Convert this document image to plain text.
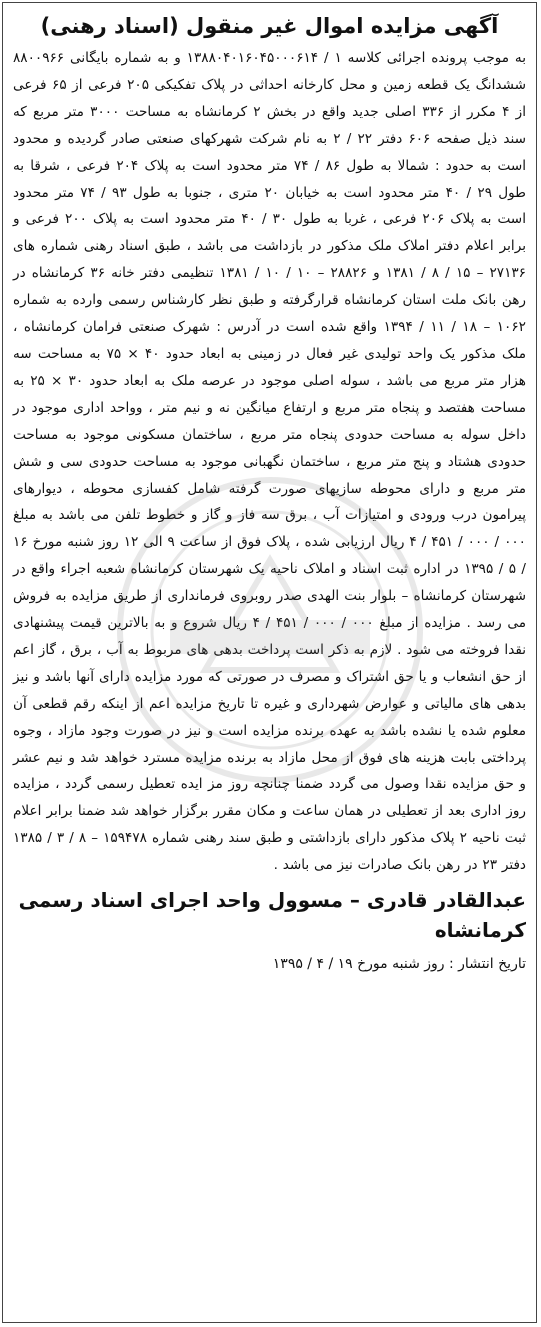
آگهی مزایده اموال غیر منقول (اسناد رهنی)

به موجب پرونده اجرائی کلاسه ۱ / ۱۳۸۸۰۴۰۱۶۰۴۵۰۰۰۶۱۴ و به شماره بایگانی ۸۸۰۰۹۶۶ ششدانگ یک قطعه زمین و محل کارخانه احداثی در پلاک تفکیکی ۲۰۵ فرعی از ۶۵ فرعی از ۴ مکرر از ۳۳۶ اصلی جدید واقع در بخش ۲ کرمانشاه به مساحت ۳۰۰۰ متر مربع که سند ذیل صفحه ۶۰۶ دفتر ۲۲ / ۲ به نام شرکت شهرکهای صنعتی صادر گردیده و محدود است به حدود : شمالا به طول ۸۶ / ۷۴ متر محدود است به پلاک ۲۰۴ فرعی ، شرقا به طول ۲۹ / ۴۰ متر محدود است به خیابان ۲۰ متری ، جنوبا به طول ۹۳ / ۷۴ متر محدود است به پلاک ۲۰۶ فرعی ، غربا به طول ۳۰ / ۴۰ متر محدود است به پلاک ۲۰۰ فرعی و برابر اعلام دفتر املاک ملک مذکور در بازداشت می باشد ، طبق اسناد رهنی شماره های ۲۷۱۳۶ – ۱۵ / ۸ / ۱۳۸۱ و ۲۸۸۲۶ – ۱۰ / ۱۰ / ۱۳۸۱ تنظیمی دفتر خانه ۳۶ کرمانشاه در رهن بانک ملت استان کرمانشاه قرارگرفته و طبق نظر کارشناس رسمی وارده به شماره ۱۰۶۲ – ۱۸ / ۱۱ / ۱۳۹۴ واقع شده است در آدرس : شهرک صنعتی فرامان کرمانشاه ، ملک مذکور یک واحد تولیدی غیر فعال در زمینی به ابعاد حدود ۴۰ × ۷۵ به مساحت سه هزار متر مربع می باشد ، سوله اصلی موجود در عرصه ملک به ابعاد حدود ۳۰ × ۲۵ به مساحت هفتصد و پنجاه متر مربع و ارتفاع میانگین نه و نیم متر ، وواحد اداری موجود در داخل سوله به مساحت حدودی پنجاه متر مربع ، ساختمان مسکونی موجود به مساحت حدودی هشتاد و پنج متر مربع ، ساختمان نگهبانی موجود به مساحت حدودی سی و شش متر مربع و دارای محوطه سازیهای صورت گرفته شامل کفسازی محوطه ، دیوارهای پیرامون درب ورودی و امتیازات آب ، برق سه فاز و گاز و خطوط تلفن می باشد به مبلغ ۰۰۰ / ۰۰۰ / ۴۵۱ / ۴ ریال ارزیابی شده ، پلاک فوق از ساعت ۹ الی ۱۲ روز شنبه مورخ ۱۶ / ۵ / ۱۳۹۵ در اداره ثبت اسناد و املاک ناحیه یک شهرستان کرمانشاه شعبه اجراء واقع در شهرستان کرمانشاه – بلوار بنت الهدی صدر روبروی فرمانداری از طریق مزایده به فروش می رسد . مزایده از مبلغ ۰۰۰ / ۰۰۰ / ۴۵۱ / ۴ ریال شروع و به بالاترین قیمت پیشنهادی نقدا فروخته می شود . لازم به ذکر است پرداخت بدهی های مربوط به آب ، برق ، گاز اعم از حق انشعاب و یا حق اشتراک و مصرف در صورتی که مورد مزایده دارای آنها باشد و نیز بدهی های مالیاتی و عوارض شهرداری و غیره تا تاریخ مزایده اعم از اینکه رقم قطعی آن معلوم شده یا نشده باشد به عهده برنده مزایده است و نیز در صورت وجود مازاد ، وجوه پرداختی بابت هزینه های فوق از محل مازاد به برنده مزایده مسترد خواهد شد و نیم عشر و حق مزایده نقدا وصول می گردد ضمنا چنانچه روز مز ایده تعطیل رسمی گردد ، مزایده روز اداری بعد از تعطیلی در همان ساعت و مکان مقرر برگزار خواهد شد ضمنا برابر اعلام ثبت ناحیه ۲ پلاک مذکور دارای بازداشتی و طبق سند رهنی شماره ۱۵۹۴۷۸ – ۸ / ۳ / ۱۳۸۵ دفتر ۲۳ در رهن بانک صادرات نیز می باشد .

عبدالقادر قادری – مسوول واحد اجرای اسناد رسمی کرمانشاه
تاریخ انتشار : روز شنبه مورخ ۱۹ / ۴ / ۱۳۹۵
